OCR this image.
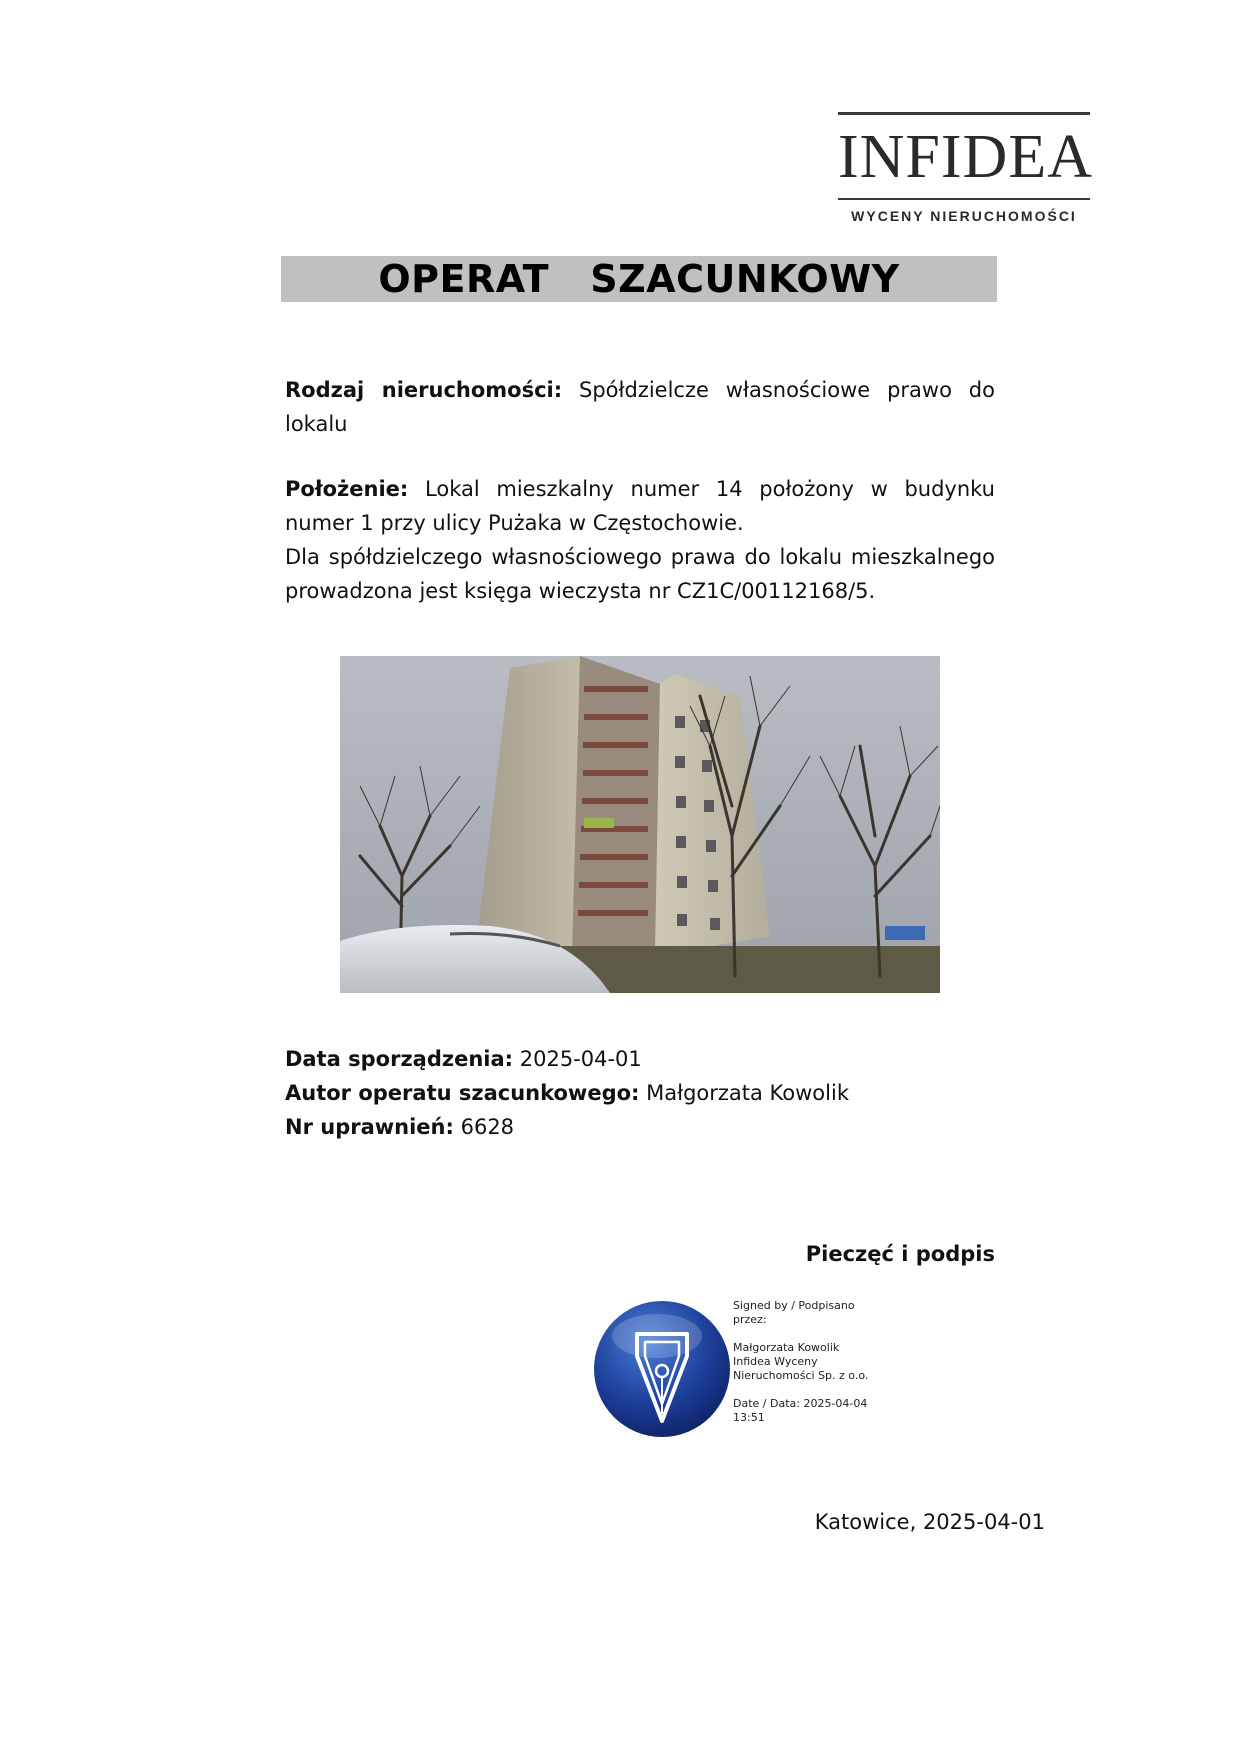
INFIDEA
WYCENY NIERUCHOMOŚCI
OPERAT   SZACUNKOWY
Rodzaj nieruchomości: Spółdzielcze własnościowe prawo do lokalu
Położenie: Lokal mieszkalny numer 14 położony w budynku numer 1 przy ulicy Pużaka w Częstochowie.
Dla spółdzielczego własnościowego prawa do lokalu mieszkalnego prowadzona jest księga wieczysta nr CZ1C/00112168/5.
Data sporządzenia: 2025-04-01
Autor operatu szacunkowego: Małgorzata Kowolik
Nr uprawnień: 6628
Pieczęć i podpis
Signed by / Podpisano przez:
Małgorzata Kowolik
Infidea Wyceny Nieruchomości Sp. z o.o.
Date / Data: 2025-04-04 13:51
Katowice, 2025-04-01
